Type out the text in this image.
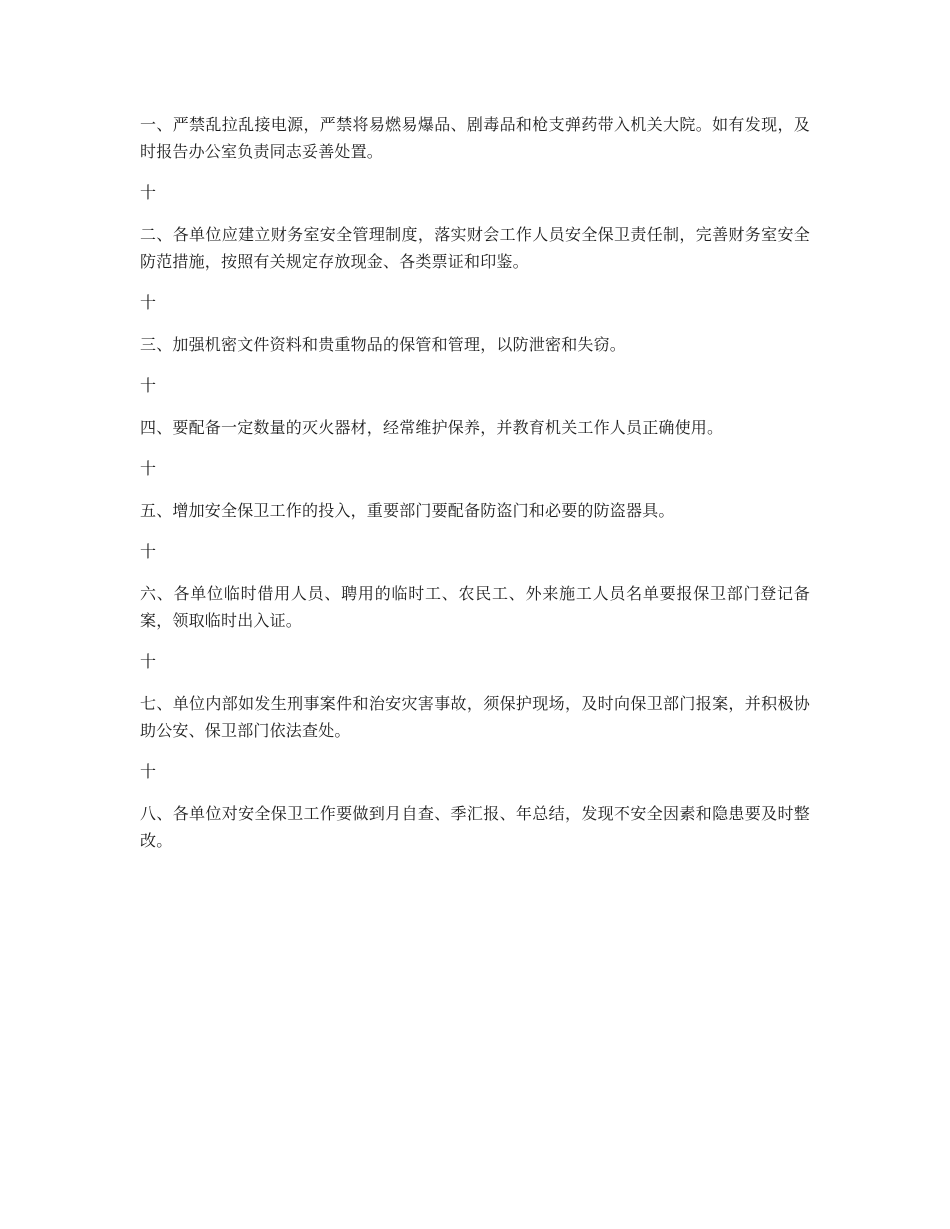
一、严禁乱拉乱接电源，严禁将易燃易爆品、剧毒品和枪支弹药带入机关大院。如有发现，及时报告办公室负责同志妥善处置。

十

二、各单位应建立财务室安全管理制度，落实财会工作人员安全保卫责任制，完善财务室安全防范措施，按照有关规定存放现金、各类票证和印鉴。

十

三、加强机密文件资料和贵重物品的保管和管理，以防泄密和失窃。

十

四、要配备一定数量的灭火器材，经常维护保养，并教育机关工作人员正确使用。

十

五、增加安全保卫工作的投入，重要部门要配备防盗门和必要的防盗器具。

十

六、各单位临时借用人员、聘用的临时工、农民工、外来施工人员名单要报保卫部门登记备案，领取临时出入证。

十

七、单位内部如发生刑事案件和治安灾害事故，须保护现场，及时向保卫部门报案，并积极协助公安、保卫部门依法查处。

十

八、各单位对安全保卫工作要做到月自查、季汇报、年总结，发现不安全因素和隐患要及时整改。
